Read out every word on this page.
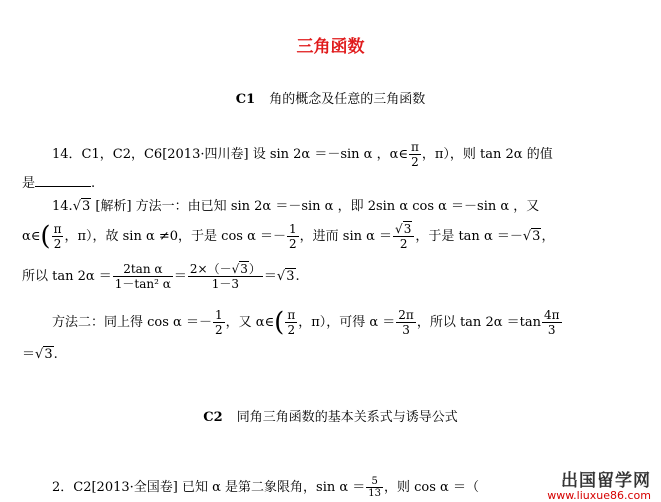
三角函数
C1 角的概念及任意的三角函数
14．C1，C2，C6[2013·四川卷] 设 sin 2α ＝－sin α ，α∈ $\frac{\pi}{2}$ ，π），则 tan 2α 的值
是	.
14.√3 [解析] 方法一：由已知 sin 2α ＝－sin α ，即 2sin α cos α ＝－sin α ，又
α∈( $\frac{\pi}{2}$ ，π），故 sin α ≠0，于是 $\cos \alpha =- \frac{1}{2}$ ，进而 $\sin \alpha = \frac{√3}{2}$ ，于是 tan α ＝－√3，
所以 $\tan 2\alpha = \frac{\text{2tan α}}{\text{1－tan² α}} = \frac{2\times(-√3)}{1-3} =√3$.
方法二：同上得 $\cos \alpha =- \frac{1}{2}$ ，又 α∈( $\frac{\pi}{2}$ ，π），可得 $\alpha = \frac{2\pi}{3}$ ，所以 $\tan 2\alpha =\tan \frac{4\pi}{3}$
＝√3.
C2 同角三角函数的基本关系式与诱导公式
2．C2[2013·全国卷] 已知 α 是第二象限角，$\sin \alpha = \frac{5}{13}$ ，则 cos α ＝（	出国留学网
www.liuxue86.com
